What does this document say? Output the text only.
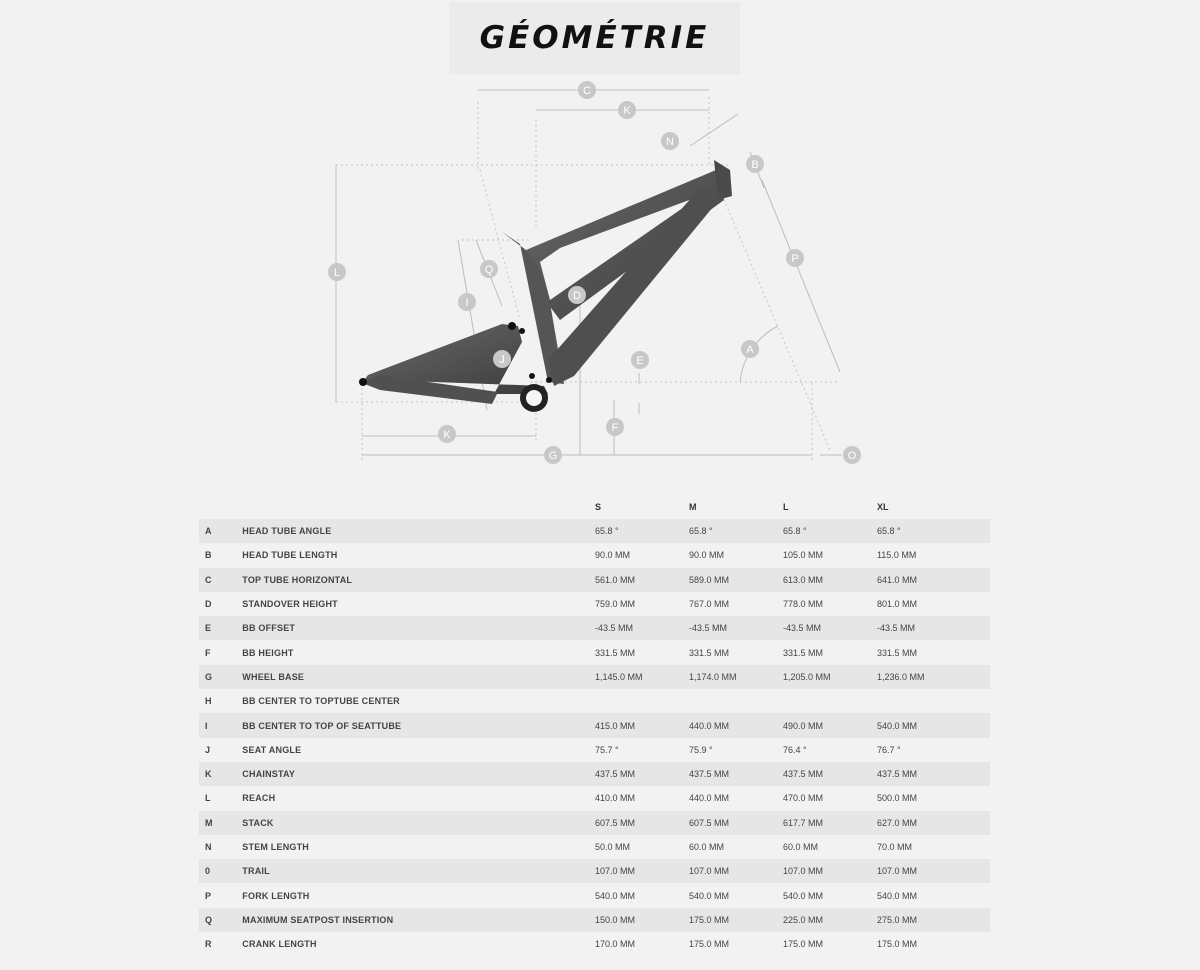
GÉOMÉTRIE
C
K
N
B
L	Q
I
D
P
A
J	E
F
K
G	O
		S	M	L	XL
A	HEAD TUBE ANGLE	65.8 °	65.8 °	65.8 °	65.8 °
B	HEAD TUBE LENGTH	90.0 MM	90.0 MM	105.0 MM	115.0 MM
C	TOP TUBE HORIZONTAL	561.0 MM	589.0 MM	613.0 MM	641.0 MM
D	STANDOVER HEIGHT	759.0 MM	767.0 MM	778.0 MM	801.0 MM
E	BB OFFSET	-43.5 MM	-43.5 MM	-43.5 MM	-43.5 MM
F	BB HEIGHT	331.5 MM	331.5 MM	331.5 MM	331.5 MM
G	WHEEL BASE	1,145.0 MM	1,174.0 MM	1,205.0 MM	1,236.0 MM
H	BB CENTER TO TOPTUBE CENTER				
I	BB CENTER TO TOP OF SEATTUBE	415.0 MM	440.0 MM	490.0 MM	540.0 MM
J	SEAT ANGLE	75.7 °	75.9 °	76.4 °	76.7 °
K	CHAINSTAY	437.5 MM	437.5 MM	437.5 MM	437.5 MM
L	REACH	410.0 MM	440.0 MM	470.0 MM	500.0 MM
M	STACK	607.5 MM	607.5 MM	617.7 MM	627.0 MM
N	STEM LENGTH	50.0 MM	60.0 MM	60.0 MM	70.0 MM
0	TRAIL	107.0 MM	107.0 MM	107.0 MM	107.0 MM
P	FORK LENGTH	540.0 MM	540.0 MM	540.0 MM	540.0 MM
Q	MAXIMUM SEATPOST INSERTION	150.0 MM	175.0 MM	225.0 MM	275.0 MM
R	CRANK LENGTH	170.0 MM	175.0 MM	175.0 MM	175.0 MM
